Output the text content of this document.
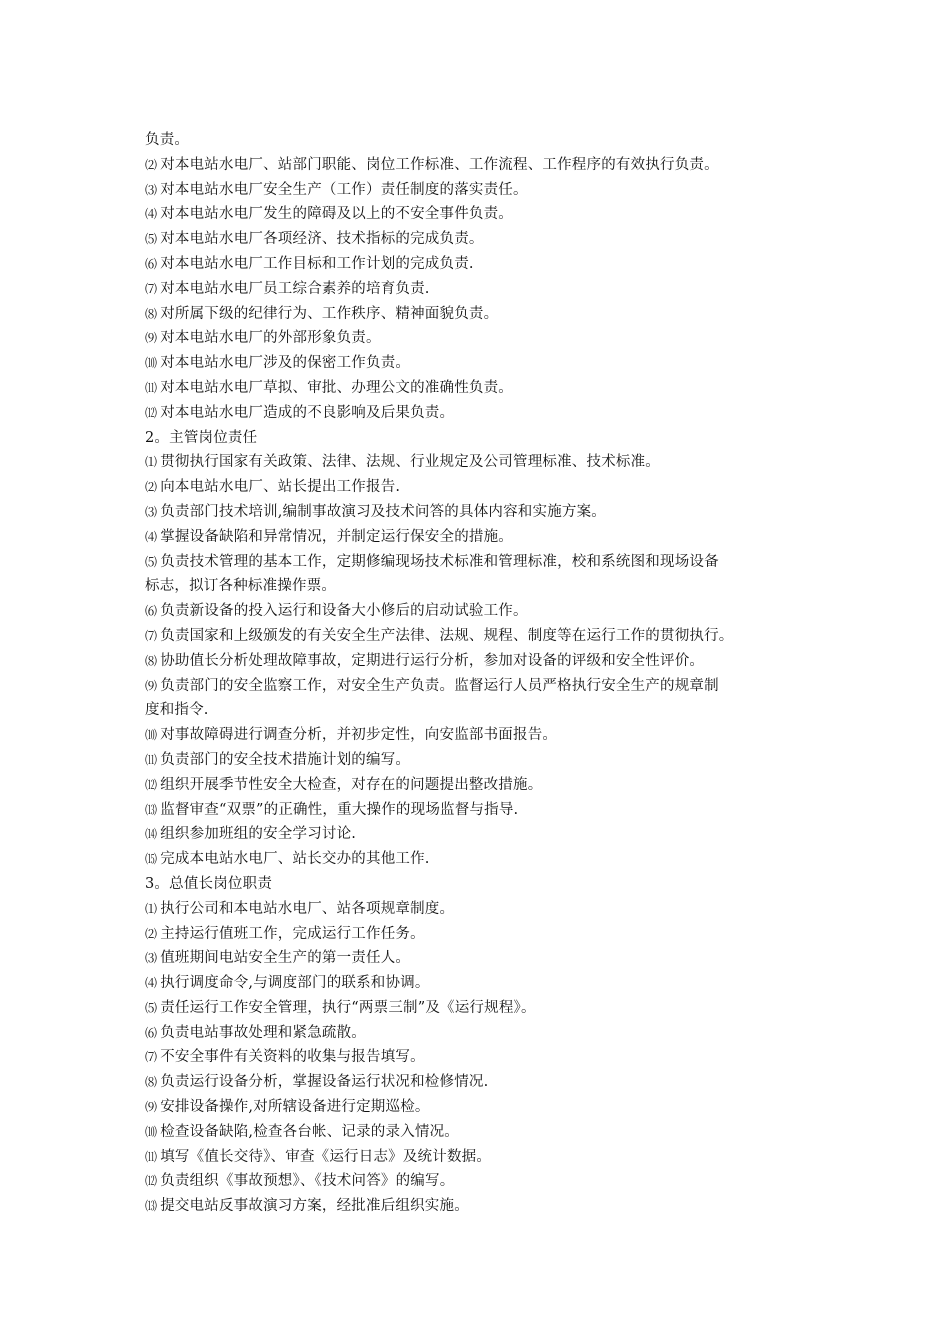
负责。
⑵ 对本电站水电厂、站部门职能、岗位工作标准、工作流程、工作程序的有效执行负责。
⑶ 对本电站水电厂安全生产（工作）责任制度的落实责任。
⑷ 对本电站水电厂发生的障碍及以上的不安全事件负责。
⑸ 对本电站水电厂各项经济、技术指标的完成负责。
⑹ 对本电站水电厂工作目标和工作计划的完成负责.
⑺ 对本电站水电厂员工综合素养的培育负责.
⑻ 对所属下级的纪律行为、工作秩序、精神面貌负责。
⑼ 对本电站水电厂的外部形象负责。
⑽ 对本电站水电厂涉及的保密工作负责。
⑾ 对本电站水电厂草拟、审批、办理公文的准确性负责。
⑿ 对本电站水电厂造成的不良影响及后果负责。
2。主管岗位责任
⑴ 贯彻执行国家有关政策、法律、法规、行业规定及公司管理标准、技术标准。
⑵ 向本电站水电厂、站长提出工作报告.
⑶ 负责部门技术培训,编制事故演习及技术问答的具体内容和实施方案。
⑷ 掌握设备缺陷和异常情况，并制定运行保安全的措施。
⑸ 负责技术管理的基本工作，定期修编现场技术标准和管理标准，校和系统图和现场设备
标志，拟订各种标准操作票。
⑹ 负责新设备的投入运行和设备大小修后的启动试验工作。
⑺ 负责国家和上级颁发的有关安全生产法律、法规、规程、制度等在运行工作的贯彻执行。
⑻ 协助值长分析处理故障事故，定期进行运行分析，参加对设备的评级和安全性评价。
⑼ 负责部门的安全监察工作，对安全生产负责。监督运行人员严格执行安全生产的规章制
度和指令.
⑽ 对事故障碍进行调查分析，并初步定性，向安监部书面报告。
⑾ 负责部门的安全技术措施计划的编写。
⑿ 组织开展季节性安全大检查，对存在的问题提出整改措施。
⒀ 监督审查“双票”的正确性，重大操作的现场监督与指导.
⒁ 组织参加班组的安全学习讨论.
⒂ 完成本电站水电厂、站长交办的其他工作.
3。总值长岗位职责
⑴ 执行公司和本电站水电厂、站各项规章制度。
⑵ 主持运行值班工作，完成运行工作任务。
⑶ 值班期间电站安全生产的第一责任人。
⑷ 执行调度命令,与调度部门的联系和协调。
⑸ 责任运行工作安全管理，执行“两票三制”及《运行规程》。
⑹ 负责电站事故处理和紧急疏散。
⑺ 不安全事件有关资料的收集与报告填写。
⑻ 负责运行设备分析，掌握设备运行状况和检修情况.
⑼ 安排设备操作,对所辖设备进行定期巡检。
⑽ 检查设备缺陷,检查各台帐、记录的录入情况。
⑾ 填写《值长交待》、审查《运行日志》及统计数据。
⑿ 负责组织《事故预想》、《技术问答》的编写。
⒀ 提交电站反事故演习方案，经批准后组织实施。
